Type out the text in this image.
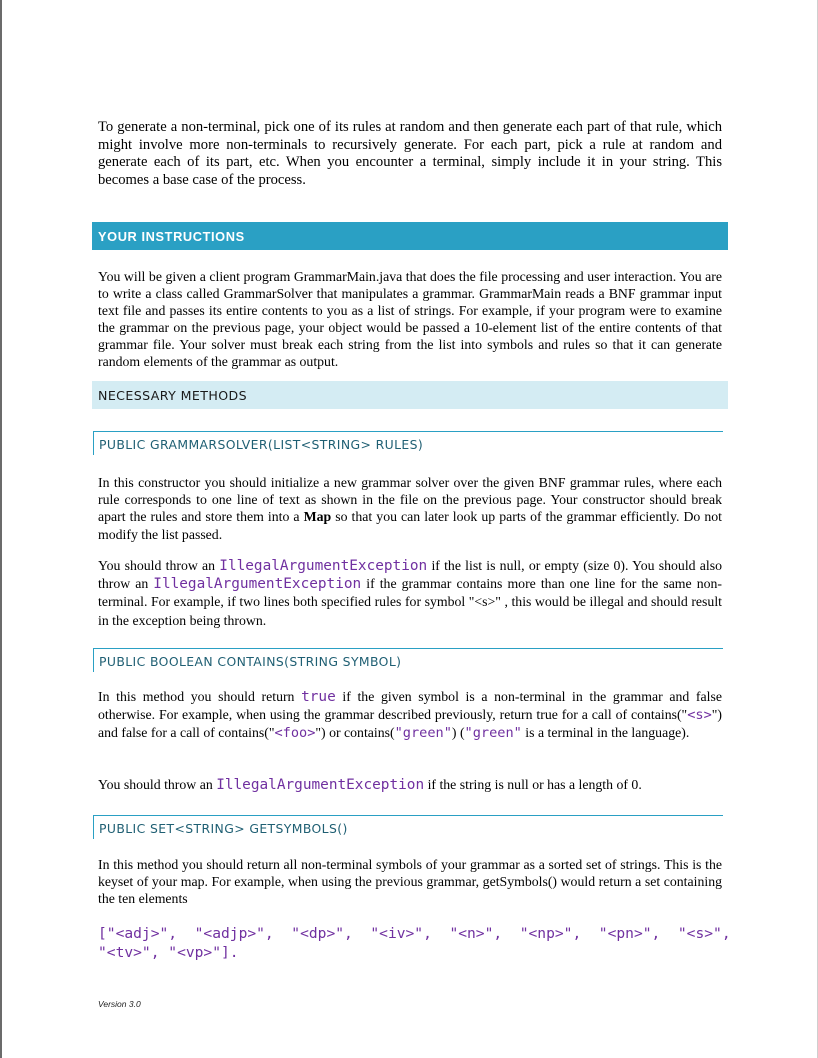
To generate a non-terminal, pick one of its rules at random and then generate each part of that rule, which might involve more non-terminals to recursively generate. For each part, pick a rule at random and generate each of its part, etc. When you encounter a terminal, simply include it in your string. This becomes a base case of the process.

YOUR INSTRUCTIONS

You will be given a client program GrammarMain.java that does the file processing and user interaction. You are to write a class called GrammarSolver that manipulates a grammar. GrammarMain reads a BNF grammar input text file and passes its entire contents to you as a list of strings. For example, if your program were to examine the grammar on the previous page, your object would be passed a 10-element list of the entire contents of that grammar file. Your solver must break each string from the list into symbols and rules so that it can generate random elements of the grammar as output.

NECESSARY METHODS
PUBLIC GRAMMARSOLVER(LIST<STRING> RULES)

In this constructor you should initialize a new grammar solver over the given BNF grammar rules, where each rule corresponds to one line of text as shown in the file on the previous page. Your constructor should break apart the rules and store them into a Map so that you can later look up parts of the grammar efficiently. Do not modify the list passed.

You should throw an IllegalArgumentException if the list is null, or empty (size 0). You should also throw an IllegalArgumentException if the grammar contains more than one line for the same non-terminal. For example, if two lines both specified rules for symbol "<s>" , this would be illegal and should result in the exception being thrown.

PUBLIC BOOLEAN CONTAINS(STRING SYMBOL)

In this method you should return true if the given symbol is a non-terminal in the grammar and false otherwise. For example, when using the grammar described previously, return true for a call of contains("<s>") and false for a call of contains("<foo>") or contains("green") ("green" is a terminal in the language).

You should throw an IllegalArgumentException if the string is null or has a length of 0.

PUBLIC SET<STRING> GETSYMBOLS()

In this method you should return all non-terminal symbols of your grammar as a sorted set of strings. This is the keyset of your map. For example, when using the previous grammar, getSymbols() would return a set containing the ten elements

["<adj>",  "<adjp>",  "<dp>",  "<iv>",  "<n>",  "<np>",  "<pn>",  "<s>",
"<tv>", "<vp>"].
Version 3.0
